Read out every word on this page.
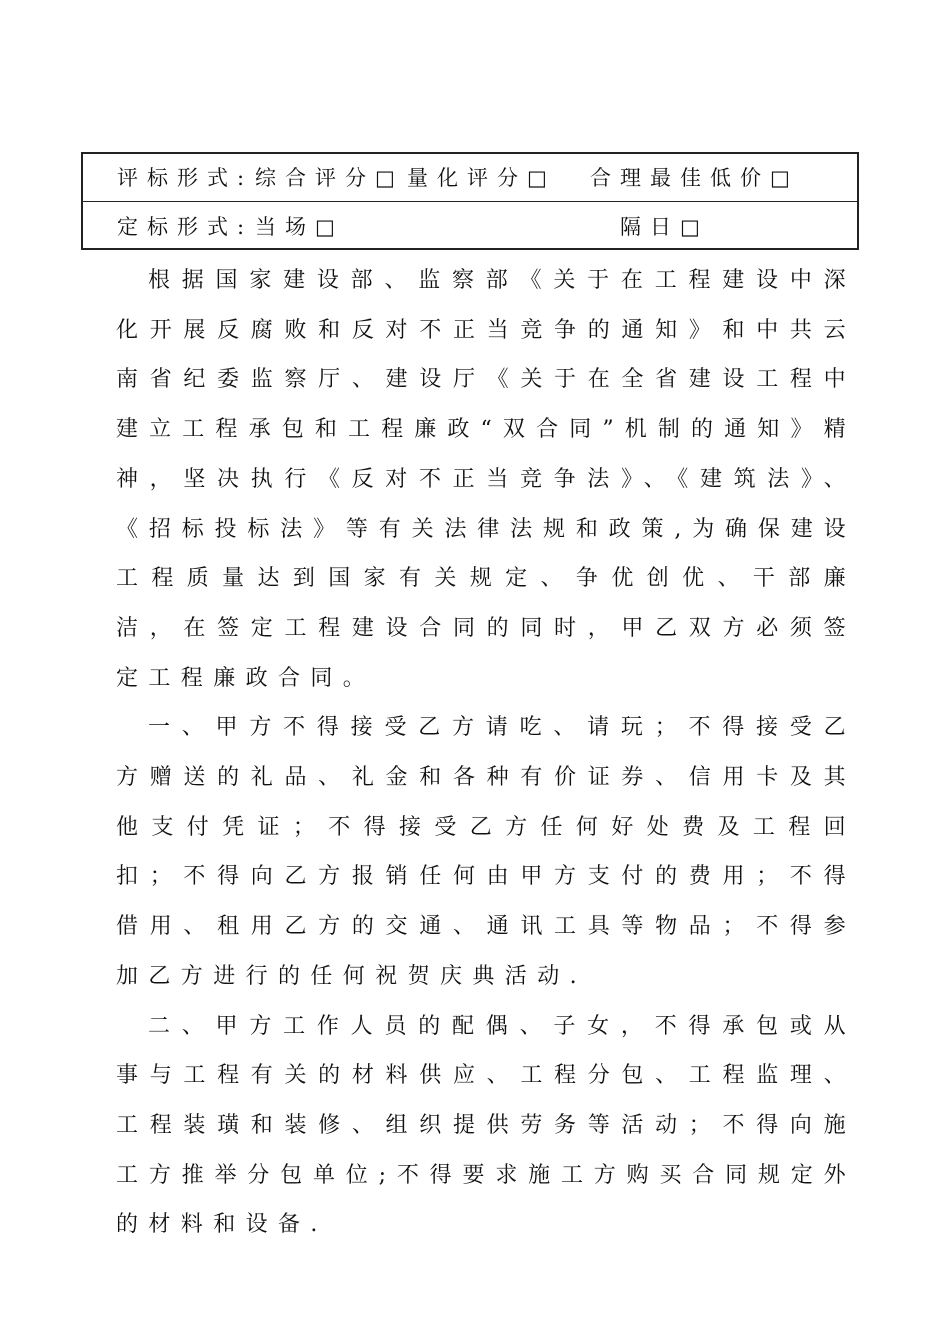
评标形式: 综合评分□ 量化评分□ 合理最佳低价□
定标形式: 当场□	隔日□

根据国家建设部、监察部《关于在工程建设中深化开展反腐败和反对不正当竞争的通知》和中共云南省纪委监察厅、建设厅《关于在全省建设工程中建立工程承包和工程廉政“双合同”机制的通知》精神，坚决执行《反对不正当竞争法》、《建筑法》、《招标投标法》等有关法律法规和政策,为确保建设工程质量达到国家有关规定、争优创优、干部廉洁，在签定工程建设合同的同时，甲乙双方必须签定工程廉政合同。

一、甲方不得接受乙方请吃、请玩；不得接受乙方赠送的礼品、礼金和各种有价证券、信用卡及其他支付凭证；不得接受乙方任何好处费及工程回扣；不得向乙方报销任何由甲方支付的费用；不得借用、租用乙方的交通、通讯工具等物品；不得参加乙方进行的任何祝贺庆典活动.

二、甲方工作人员的配偶、子女，不得承包或从事与工程有关的材料供应、工程分包、工程监理、工程装璜和装修、组织提供劳务等活动；不得向施工方推举分包单位;不得要求施工方购买合同规定外的材料和设备.
